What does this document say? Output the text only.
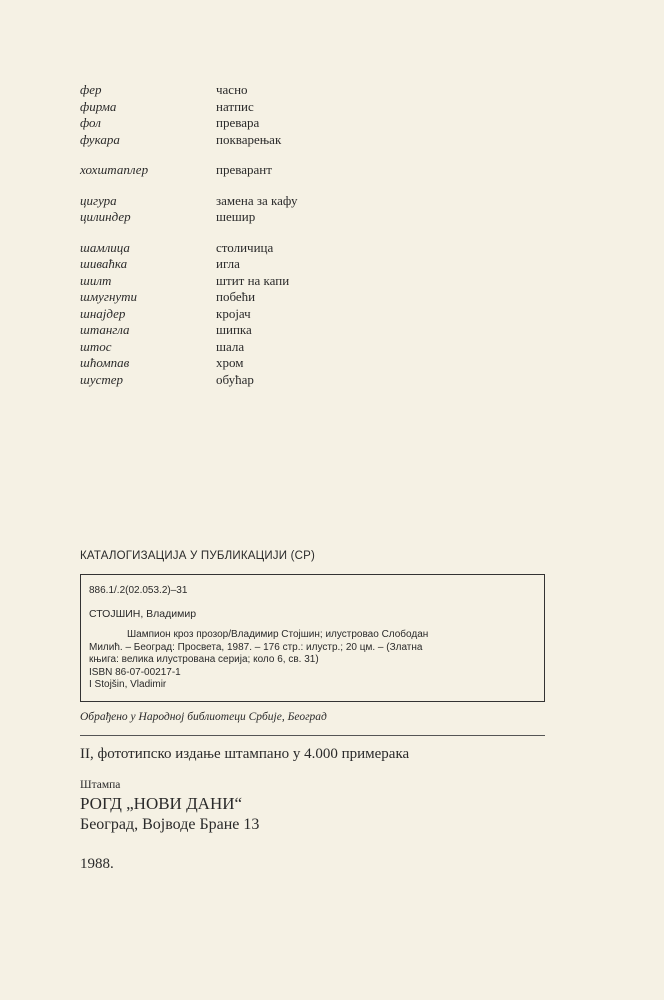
фер	часно
фирма	натпис
фол	превара
фукара	покварењак
хохштаплер	преварант
цигура	замена за кафу
цилиндер	шешир
шамлица	столичица
шиваћка	игла
шилт	штит на капи
шмугнути	побећи
шнајдер	кројач
штангла	шипка
штос	шала
шћомпав	хром
шустер	обућар
КАТАЛОГИЗАЦИЈА У ПУБЛИКАЦИЈИ (CP)
886.1/.2(02.053.2)–31
СТОЈШИН, Владимир
Шампион кроз прозор/Владимир Стојшин; илустровао Слободан
Милић. – Београд: Просвета, 1987. – 176 стр.: илустр.; 20 цм. – (Златна
књига: велика илустрована серија; коло 6, св. 31)
ISBN 86-07-00217-1
I Stojšin, Vladimir
Обрађено у Народној библиотеци Србије, Београд
II, фототипско издање штампано у 4.000 примерака
Штампа
РОГД „НОВИ ДАНИ“
Београд, Војводе Бране 13
1988.
